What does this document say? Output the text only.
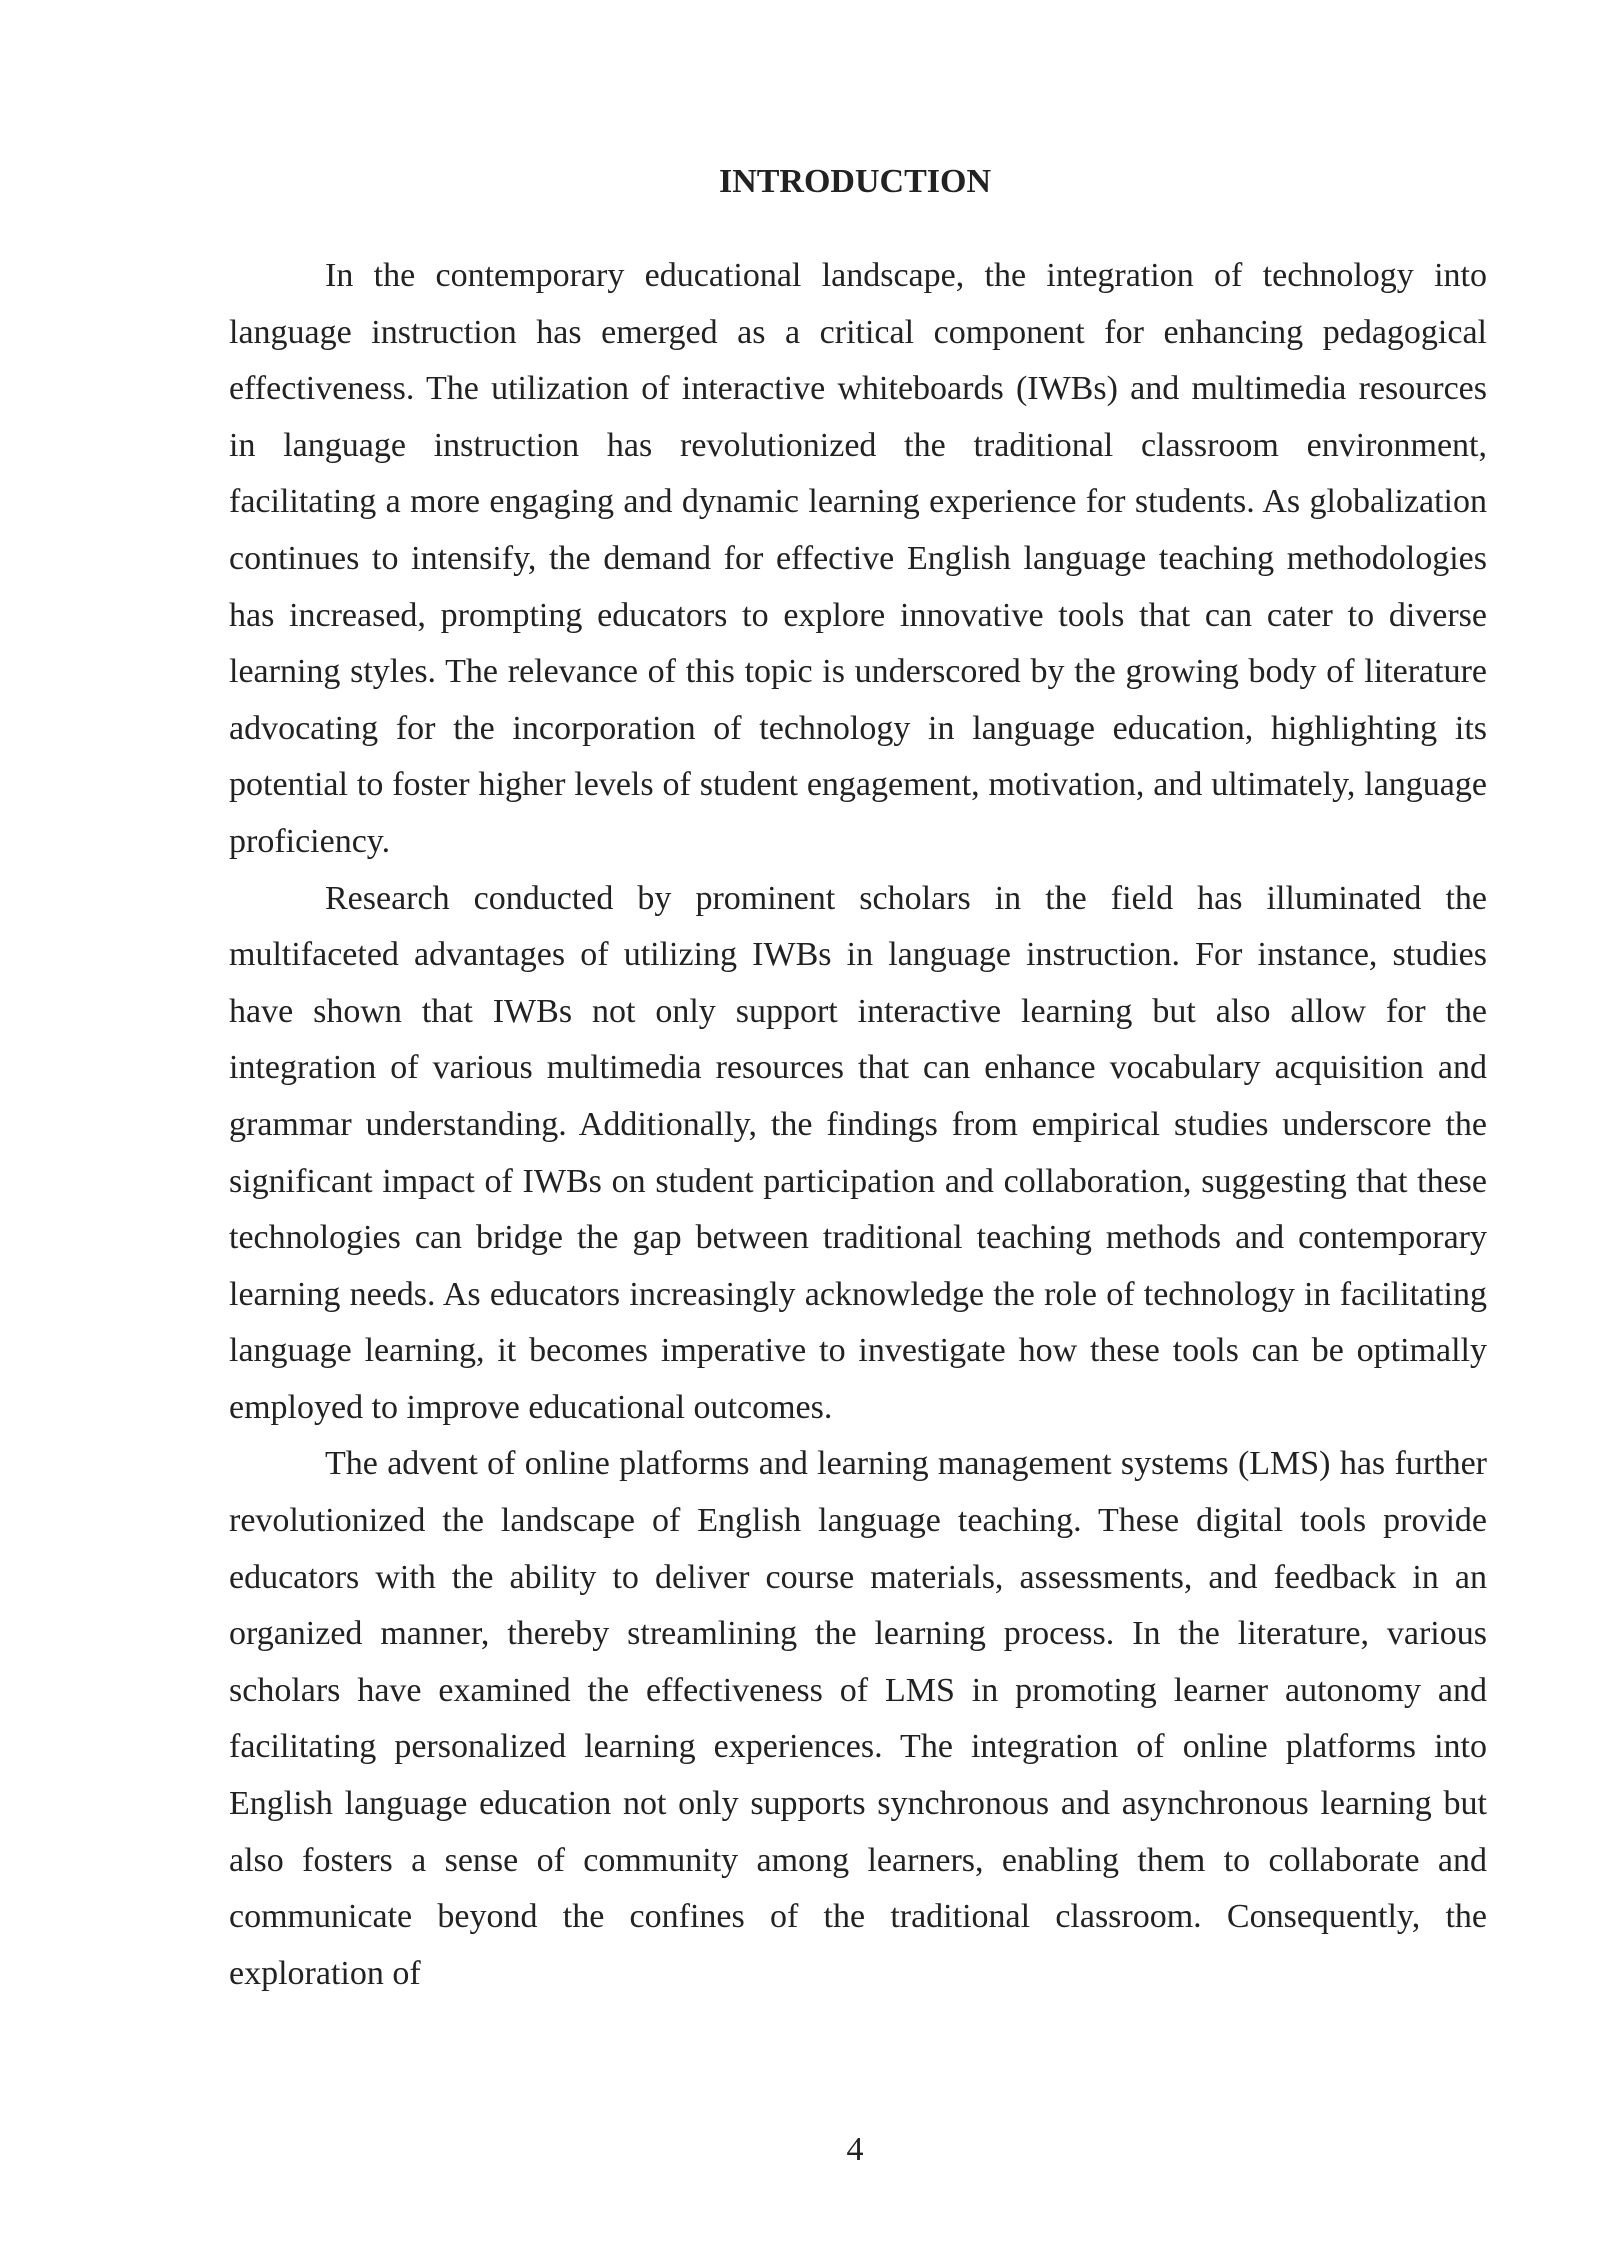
INTRODUCTION

In the contemporary educational landscape, the integration of technology into language instruction has emerged as a critical component for enhancing pedagogical effectiveness. The utilization of interactive whiteboards (IWBs) and multimedia resources in language instruction has revolutionized the traditional classroom environment, facilitating a more engaging and dynamic learning experience for students. As globalization continues to intensify, the demand for effective English language teaching methodologies has increased, prompting educators to explore innovative tools that can cater to diverse learning styles. The relevance of this topic is underscored by the growing body of literature advocating for the incorporation of technology in language education, highlighting its potential to foster higher levels of student engagement, motivation, and ultimately, language proficiency.

Research conducted by prominent scholars in the field has illuminated the multifaceted advantages of utilizing IWBs in language instruction. For instance, studies have shown that IWBs not only support interactive learning but also allow for the integration of various multimedia resources that can enhance vocabulary acquisition and grammar understanding. Additionally, the findings from empirical studies underscore the significant impact of IWBs on student participation and collaboration, suggesting that these technologies can bridge the gap between traditional teaching methods and contemporary learning needs. As educators increasingly acknowledge the role of technology in facilitating language learning, it becomes imperative to investigate how these tools can be optimally employed to improve educational outcomes.

The advent of online platforms and learning management systems (LMS) has further revolutionized the landscape of English language teaching. These digital tools provide educators with the ability to deliver course materials, assessments, and feedback in an organized manner, thereby streamlining the learning process. In the literature, various scholars have examined the effectiveness of LMS in promoting learner autonomy and facilitating personalized learning experiences. The integration of online platforms into English language education not only supports synchronous and asynchronous learning but also fosters a sense of community among learners, enabling them to collaborate and communicate beyond the confines of the traditional classroom. Consequently, the exploration of

4
